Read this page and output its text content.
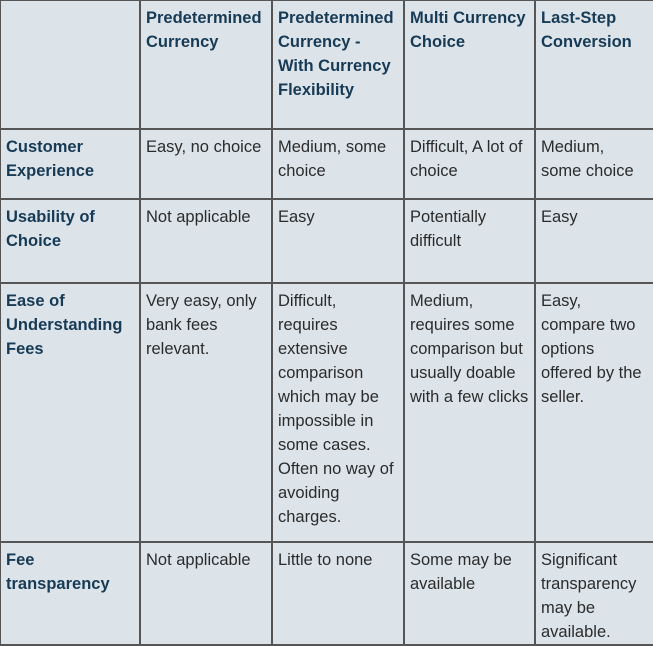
	Predetermined Currency	Predetermined Currency - With Currency Flexibility	Multi Currency Choice	Last-Step Conversion
Customer Experience	Easy, no choice	Medium, some choice	Difficult, A lot of choice	Medium, some choice
Usability of Choice	Not applicable	Easy	Potentially difficult	Easy
Ease of Understanding Fees	Very easy, only bank fees relevant.	Difficult, requires extensive comparison which may be impossible in some cases. Often no way of avoiding charges.	Medium, requires some comparison but usually doable with a few clicks	Easy, compare two options offered by the seller.
Fee transparency	Not applicable	Little to none	Some may be available	Significant transparency may be available.
